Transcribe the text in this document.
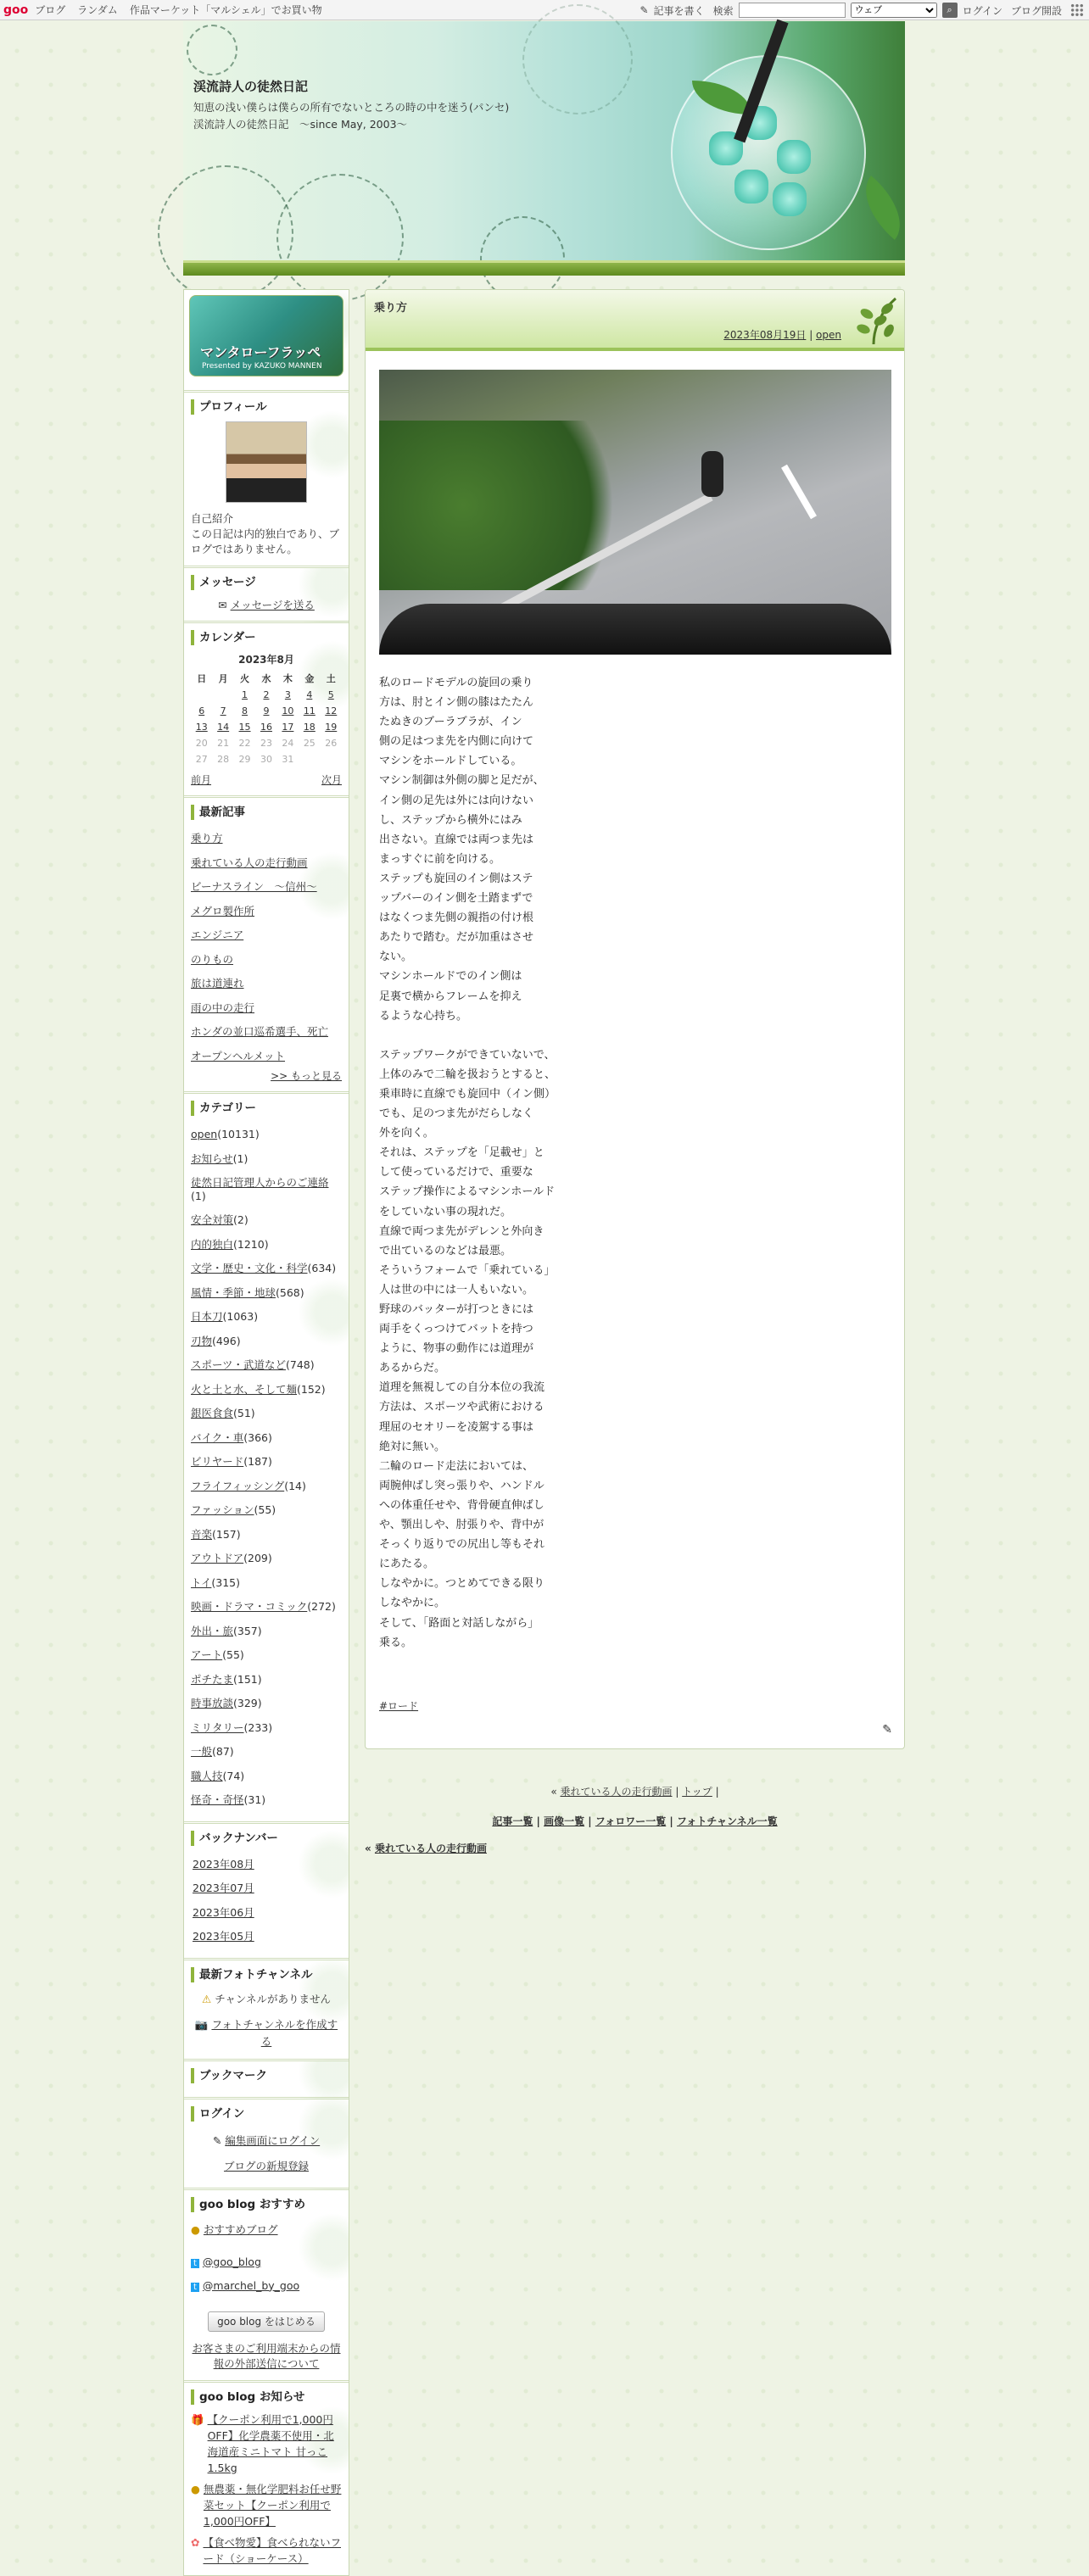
goo ブログ ランダム 作品マーケット「マルシェル」でお買い物	✎ 記事を書く 検索
ウェブ	⌕ ログイン ブログ開設
渓流詩人の徒然日記
知恵の浅い僕らは僕らの所有でないところの時の中を迷う(パンセ)　渓流詩人の徒然日記　～since May, 2003～
マンタローフラッペ
Presented by KAZUKO MANNEN
プロフィール
自己紹介
この日記は内的独白であり、ブログではありません。
メッセージ
✉ メッセージを送る
カレンダー
2023年8月
日	月	火	水	木	金	土
		1	2	3	4	5
6	7	8	9	10	11	12
13	14	15	16	17	18	19
20	21	22	23	24	25	26
27	28	29	30	31		
前月	次月
最新記事
乗り方
乗れている人の走行動画
ビーナスライン　～信州～
メグロ製作所
エンジニア
のりもの
旅は道連れ
雨の中の走行
ホンダの並口巡希選手、死亡
オープンヘルメット
>> もっと見る
カテゴリー
open(10131)
お知らせ(1)
徒然日記管理人からのご連絡(1)
安全対策(2)
内的独白(1210)
文学・歴史・文化・科学(634)
風情・季節・地球(568)
日本刀(1063)
刃物(496)
スポーツ・武道など(748)
火と土と水、そして麺(152)
銀医食食(51)
バイク・車(366)
ビリヤード(187)
フライフィッシング(14)
ファッション(55)
音楽(157)
アウトドア(209)
トイ(315)
映画・ドラマ・コミック(272)
外出・旅(357)
アート(55)
ポチたま(151)
時事放談(329)
ミリタリー(233)
一般(87)
職人技(74)
怪奇・奇怪(31)
バックナンバー
2023年08月
2023年07月
2023年06月
2023年05月
最新フォトチャンネル
⚠ チャンネルがありません
📷 フォトチャンネルを作成する
ブックマーク
ログイン
✎ 編集画面にログイン
ブログの新規登録
goo blog おすすめ
● おすすめブログ
t @goo_blog
t @marchel_by_goo
goo blog をはじめる
お客さまのご利用端末からの情報の外部送信について
goo blog お知らせ
🎁 【クーポン利用で1,000円OFF】化学農薬不使用・北海道産ミニトマト 甘っこ1.5kg
● 無農薬・無化学肥料お任せ野菜セット【クーポン利用で1,000円OFF】
✿ 【食べ物愛】食べられないフード（ショーケース）
乗り方
2023年08月19日 | open
私のロードモデルの旋回の乗り
方は、肘とイン側の膝はたたん
たぬきのブーラブラが、イン
側の足はつま先を内側に向けて
マシンをホールドしている。
マシン制御は外側の脚と足だが、
イン側の足先は外には向けない
し、ステップから横外にはみ
出さない。直線では両つま先は
まっすぐに前を向ける。
ステップも旋回のイン側はステ
ップバーのイン側を土踏まずで
はなくつま先側の親指の付け根
あたりで踏む。だが加重はさせ
ない。
マシンホールドでのイン側は
足裏で横からフレームを抑え
るような心持ち。

ステップワークができていないで、
上体のみで二輪を扱おうとすると、
乗車時に直線でも旋回中（イン側）
でも、足のつま先がだらしなく
外を向く。
それは、ステップを「足載せ」と
して使っているだけで、重要な
ステップ操作によるマシンホールド
をしていない事の現れだ。
直線で両つま先がデレンと外向き
で出ているのなどは最悪。
そういうフォームで「乗れている」
人は世の中には一人もいない。
野球のバッターが打つときには
両手をくっつけてバットを持つ
ように、物事の動作には道理が
あるからだ。
道理を無視しての自分本位の我流
方法は、スポーツや武術における
理屈のセオリーを凌駕する事は
絶対に無い。
二輪のロード走法においては、
両腕伸ばし突っ張りや、ハンドル
への体重任せや、背骨硬直伸ばし
や、顎出しや、肘張りや、背中が
そっくり返りでの尻出し等もそれ
にあたる。
しなやかに。つとめてできる限り
しなやかに。
そして、「路面と対話しながら」
乗る。
#ロード
✎
« 乗れている人の走行動画 | トップ |
記事一覧 | 画像一覧 | フォロワー一覧 | フォトチャンネル一覧
« 乗れている人の走行動画
